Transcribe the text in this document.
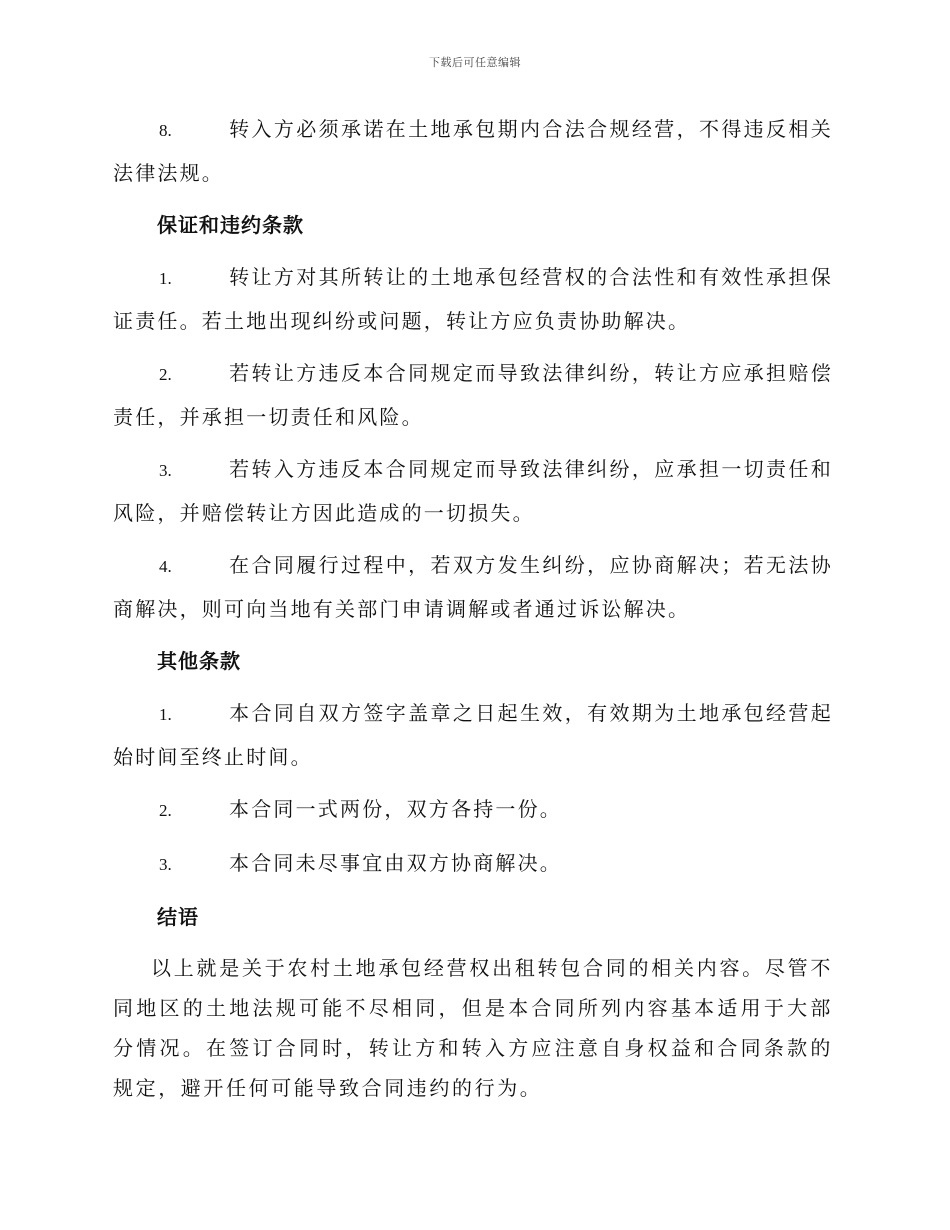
下载后可任意编辑
8.	转入方必须承诺在土地承包期内合法合规经营，不得违反相关法律法规。
保证和违约条款
1.	转让方对其所转让的土地承包经营权的合法性和有效性承担保证责任。若土地出现纠纷或问题，转让方应负责协助解决。
2.	若转让方违反本合同规定而导致法律纠纷，转让方应承担赔偿责任，并承担一切责任和风险。
3.	若转入方违反本合同规定而导致法律纠纷，应承担一切责任和风险，并赔偿转让方因此造成的一切损失。
4.	在合同履行过程中，若双方发生纠纷，应协商解决；若无法协商解决，则可向当地有关部门申请调解或者通过诉讼解决。
其他条款
1.	本合同自双方签字盖章之日起生效，有效期为土地承包经营起始时间至终止时间。
2.	本合同一式两份，双方各持一份。
3.	本合同未尽事宜由双方协商解决。
结语

以上就是关于农村土地承包经营权出租转包合同的相关内容。尽管不同地区的土地法规可能不尽相同，但是本合同所列内容基本适用于大部分情况。在签订合同时，转让方和转入方应注意自身权益和合同条款的规定，避开任何可能导致合同违约的行为。
